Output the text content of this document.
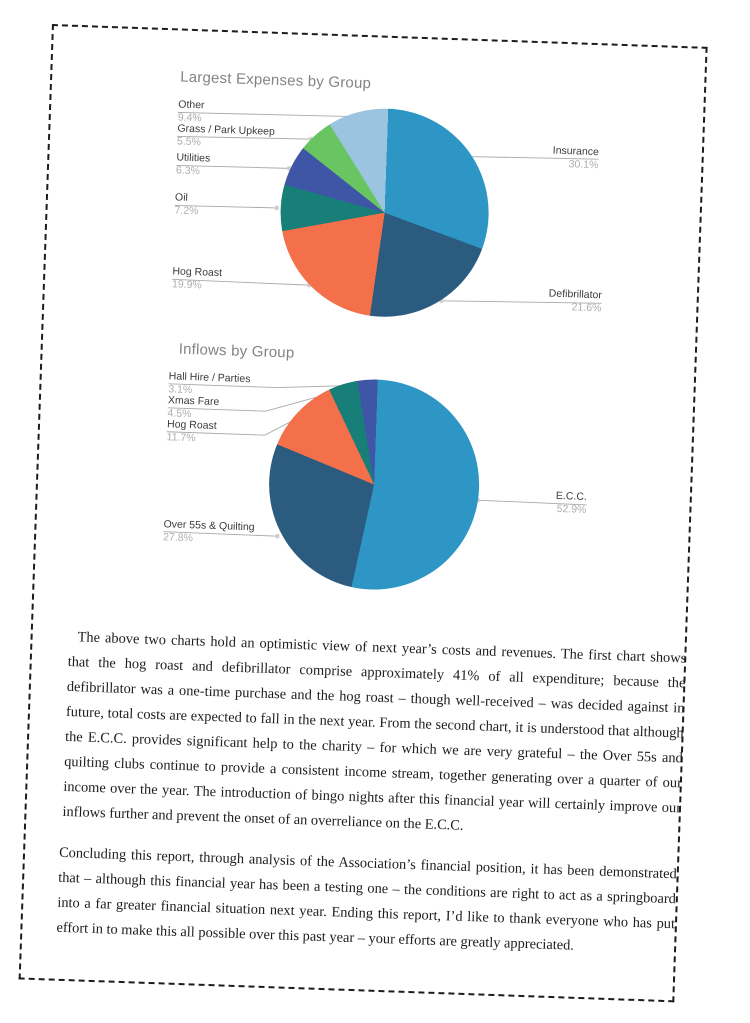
Largest Expenses by Group
Insurance
30.1%
Defibrillator
21.6%
Hog Roast
19.9%
Oil
7.2%
Utilities
6.3%
Grass / Park Upkeep
5.5%
Other
9.4%
Inflows by Group
E.C.C.
52.9%
Over 55s & Quilting
27.8%
Hog Roast
11.7%
Xmas Fare
4.5%
Hall Hire / Parties
3.1%

The above two charts hold an optimistic view of next year’s costs and revenues. The first chart shows that the hog roast and defibrillator comprise approximately 41% of all expenditure; because the defibrillator was a one-time purchase and the hog roast – though well-received – was decided against in future, total costs are expected to fall in the next year. From the second chart, it is understood that although the E.C.C. provides significant help to the charity – for which we are very grateful – the Over 55s and quilting clubs continue to provide a consistent income stream, together generating over a quarter of our income over the year. The introduction of bingo nights after this financial year will certainly improve our inflows further and prevent the onset of an overreliance on the E.C.C.

Concluding this report, through analysis of the Association’s financial position, it has been demonstrated that – although this financial year has been a testing one – the conditions are right to act as a springboard into a far greater financial situation next year. Ending this report, I’d like to thank everyone who has put effort in to make this all possible over this past year – your efforts are greatly appreciated.
